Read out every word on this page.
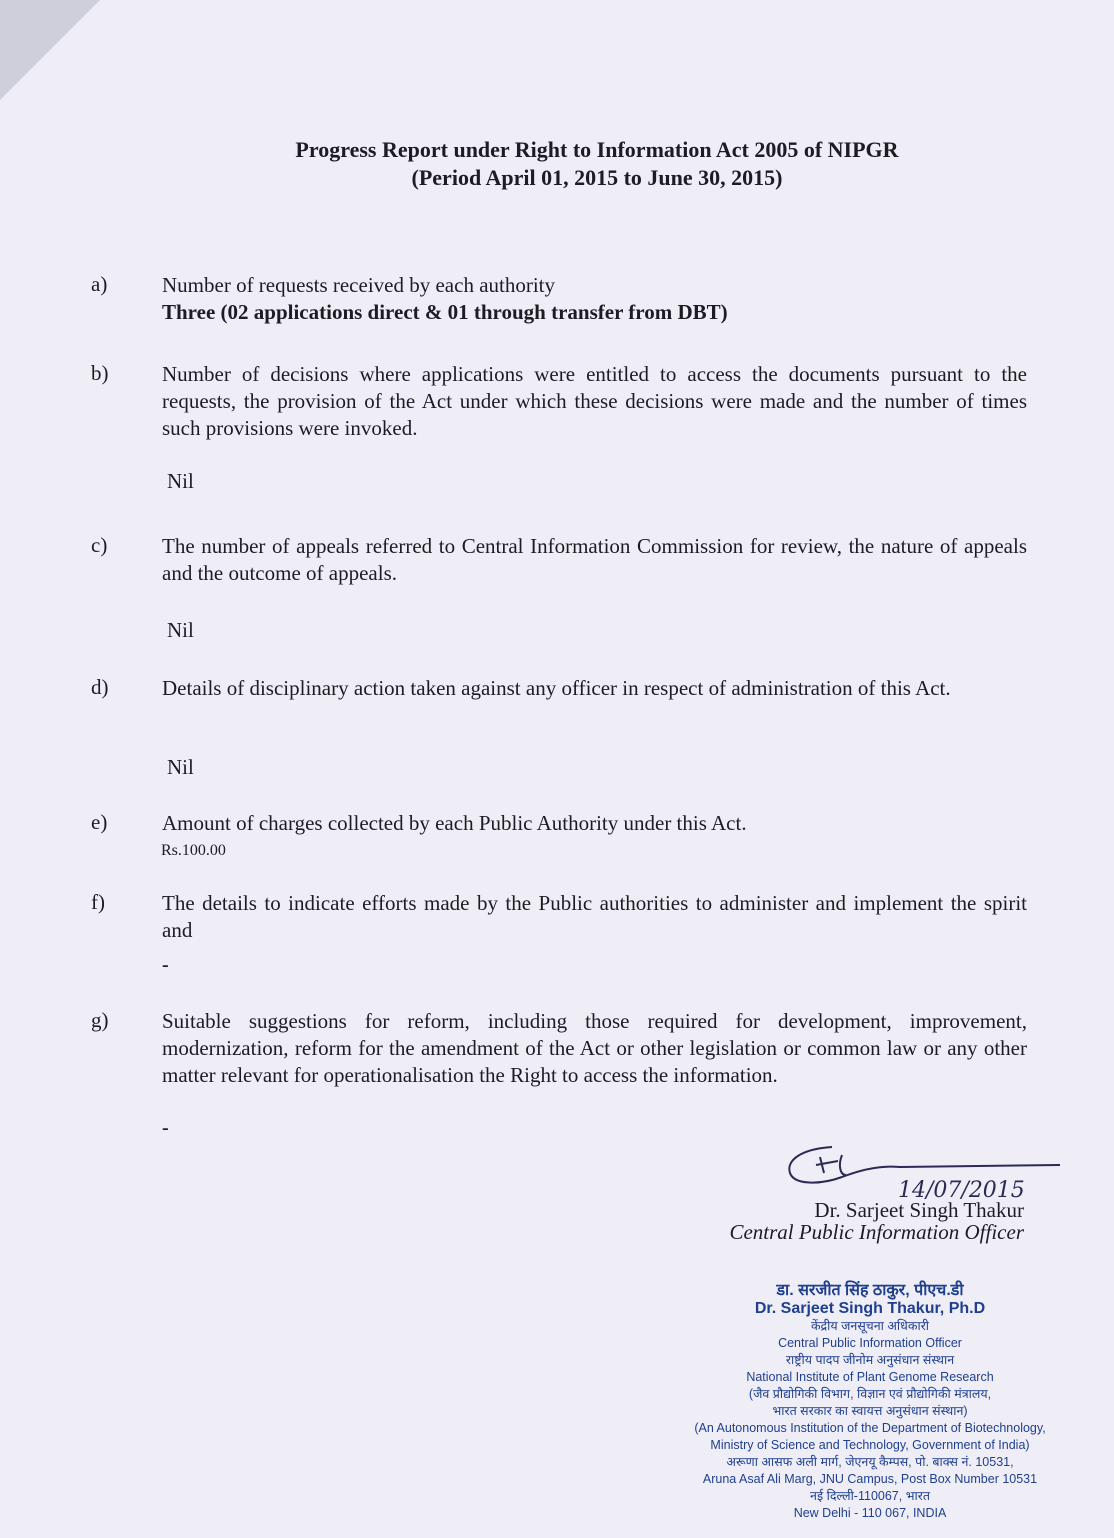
Progress Report under Right to Information Act 2005 of NIPGR
(Period April 01, 2015 to June 30, 2015)
a)	Number of requests received by each authority
Three (02 applications direct & 01 through transfer from DBT)
b)	Number of decisions where applications were entitled to access the documents pursuant to the requests, the provision of the Act under which these decisions were made and the number of times such provisions were invoked.
Nil
c)	The number of appeals referred to Central Information Commission for review, the nature of appeals and the outcome of appeals.
Nil
d)	Details of disciplinary action taken against any officer in respect of administration of this Act.
Nil
e)	Amount of charges collected by each Public Authority under this Act.
Rs.100.00
f)	The details to indicate efforts made by the Public authorities to administer and implement the spirit and
-
g)	Suitable suggestions for reform, including those required for development, improvement, modernization, reform for the amendment of the Act or other legislation or common law or any other matter relevant for operationalisation the Right to access the information.
-
14/07/2015
Dr. Sarjeet Singh Thakur
Central Public Information Officer
डा. सरजीत सिंह ठाकुर, पीएच.डी
Dr. Sarjeet Singh Thakur, Ph.D
केंद्रीय जनसूचना अधिकारी
Central Public Information Officer
राष्ट्रीय पादप जीनोम अनुसंधान संस्थान
National Institute of Plant Genome Research
(जैव प्रौद्योगिकी विभाग, विज्ञान एवं प्रौद्योगिकी मंत्रालय,
भारत सरकार का स्वायत्त अनुसंधान संस्थान)
(An Autonomous Institution of the Department of Biotechnology,
Ministry of Science and Technology, Government of India)
अरूणा आसफ अली मार्ग, जेएनयू कैम्पस, पो. बाक्स नं. 10531,
Aruna Asaf Ali Marg, JNU Campus, Post Box Number 10531
नई दिल्ली-110067, भारत
New Delhi - 110 067, INDIA
